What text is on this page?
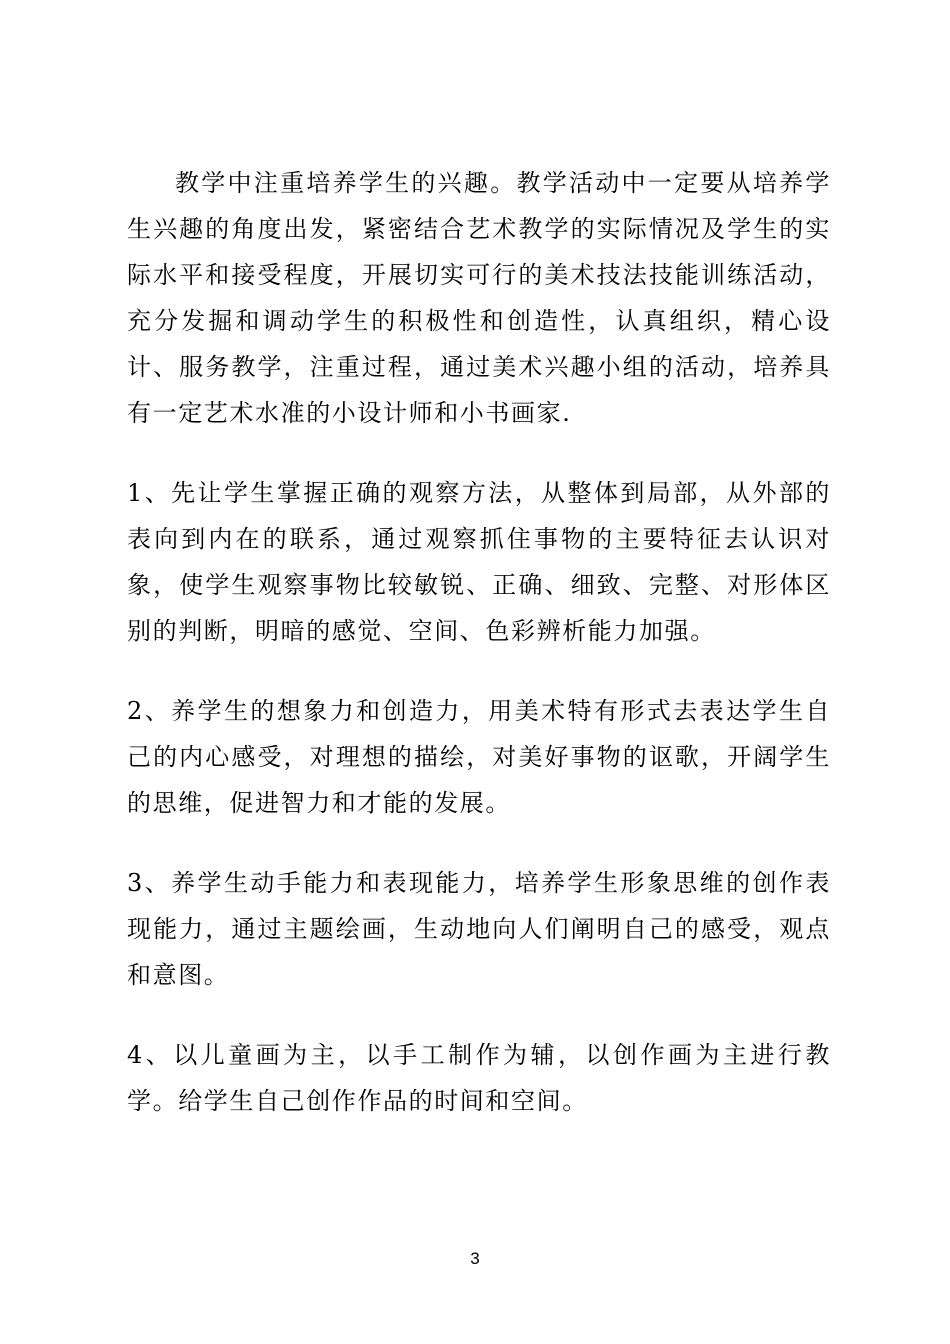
教学中注重培养学生的兴趣。教学活动中一定要从培养学生兴趣的角度出发，紧密结合艺术教学的实际情况及学生的实际水平和接受程度，开展切实可行的美术技法技能训练活动，充分发掘和调动学生的积极性和创造性，认真组织，精心设计、服务教学，注重过程，通过美术兴趣小组的活动，培养具有一定艺术水准的小设计师和小书画家.

1、先让学生掌握正确的观察方法，从整体到局部，从外部的表向到内在的联系，通过观察抓住事物的主要特征去认识对象，使学生观察事物比较敏锐、正确、细致、完整、对形体区别的判断，明暗的感觉、空间、色彩辨析能力加强。

2、养学生的想象力和创造力，用美术特有形式去表达学生自己的内心感受，对理想的描绘，对美好事物的讴歌，开阔学生的思维，促进智力和才能的发展。

3、养学生动手能力和表现能力，培养学生形象思维的创作表现能力，通过主题绘画，生动地向人们阐明自己的感受，观点和意图。

4、以儿童画为主，以手工制作为辅，以创作画为主进行教学。给学生自己创作作品的时间和空间。

3
